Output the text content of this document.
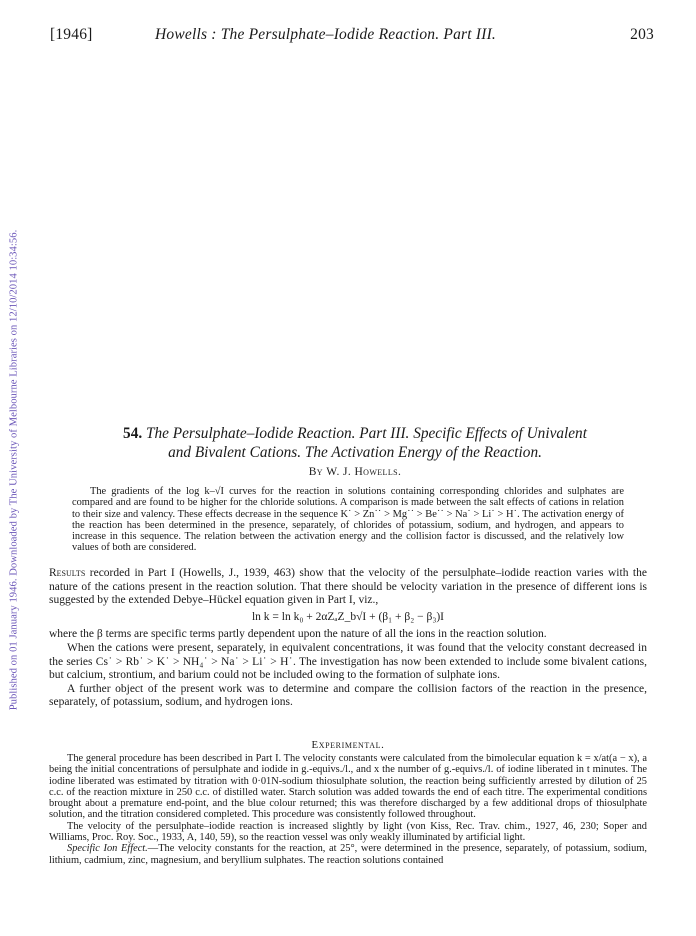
[1946]	Howells : The Persulphate–Iodide Reaction. Part III.	203
Published on 01 January 1946. Downloaded by The University of Melbourne Libraries on 12/10/2014 10:34:56.	54. The Persulphate–Iodide Reaction. Part III. Specific Effects of Univalent
and Bivalent Cations. The Activation Energy of the Reaction.
By W. J. Howells.
The gradients of the log k–√I curves for the reaction in solutions containing corresponding chlorides and sulphates are compared and are found to be higher for the chloride solutions. A comparison is made between the salt effects of cations in relation to their size and valency. These effects decrease in the sequence K˙ > Zn˙˙ > Mg˙˙ > Be˙˙ > Na˙ > Li˙ > H˙. The activation energy of the reaction has been determined in the presence, separately, of chlorides of potassium, sodium, and hydrogen, and appears to increase in this sequence. The relation between the activation energy and the collision factor is discussed, and the relatively low values of both are considered.

Results recorded in Part I (Howells, J., 1939, 463) show that the velocity of the persulphate–iodide reaction varies with the nature of the cations present in the reaction solution. That there should be velocity variation in the presence of different ions is suggested by the extended Debye–Hückel equation given in Part I, viz.,

ln k = ln k₀ + 2αZₐZ_b√I + (β₁ + β₂ − β₃)I

where the β terms are specific terms partly dependent upon the nature of all the ions in the reaction solution.

When the cations were present, separately, in equivalent concentrations, it was found that the velocity constant decreased in the series Cs˙ > Rb˙ > K˙ > NH₄˙ > Na˙ > Li˙ > H˙. The investigation has now been extended to include some bivalent cations, but calcium, strontium, and barium could not be included owing to the formation of sulphate ions.

A further object of the present work was to determine and compare the collision factors of the reaction in the presence, separately, of potassium, sodium, and hydrogen ions.

Experimental.

The general procedure has been described in Part I. The velocity constants were calculated from the bimolecular equation k = x/at(a − x), a being the initial concentrations of persulphate and iodide in g.-equivs./l., and x the number of g.-equivs./l. of iodine liberated in t minutes. The iodine liberated was estimated by titration with 0·01N-sodium thiosulphate solution, the reaction being sufficiently arrested by dilution of 25 c.c. of the reaction mixture in 250 c.c. of distilled water. Starch solution was added towards the end of each titre. The experimental conditions brought about a premature end-point, and the blue colour returned; this was therefore discharged by a few additional drops of thiosulphate solution, and the titration considered completed. This procedure was consistently followed throughout.

The velocity of the persulphate–iodide reaction is increased slightly by light (von Kiss, Rec. Trav. chim., 1927, 46, 230; Soper and Williams, Proc. Roy. Soc., 1933, A, 140, 59), so the reaction vessel was only weakly illuminated by artificial light.

Specific Ion Effect.—The velocity constants for the reaction, at 25°, were determined in the presence, separately, of potassium, sodium, lithium, cadmium, zinc, magnesium, and beryllium sulphates. The reaction solutions contained
